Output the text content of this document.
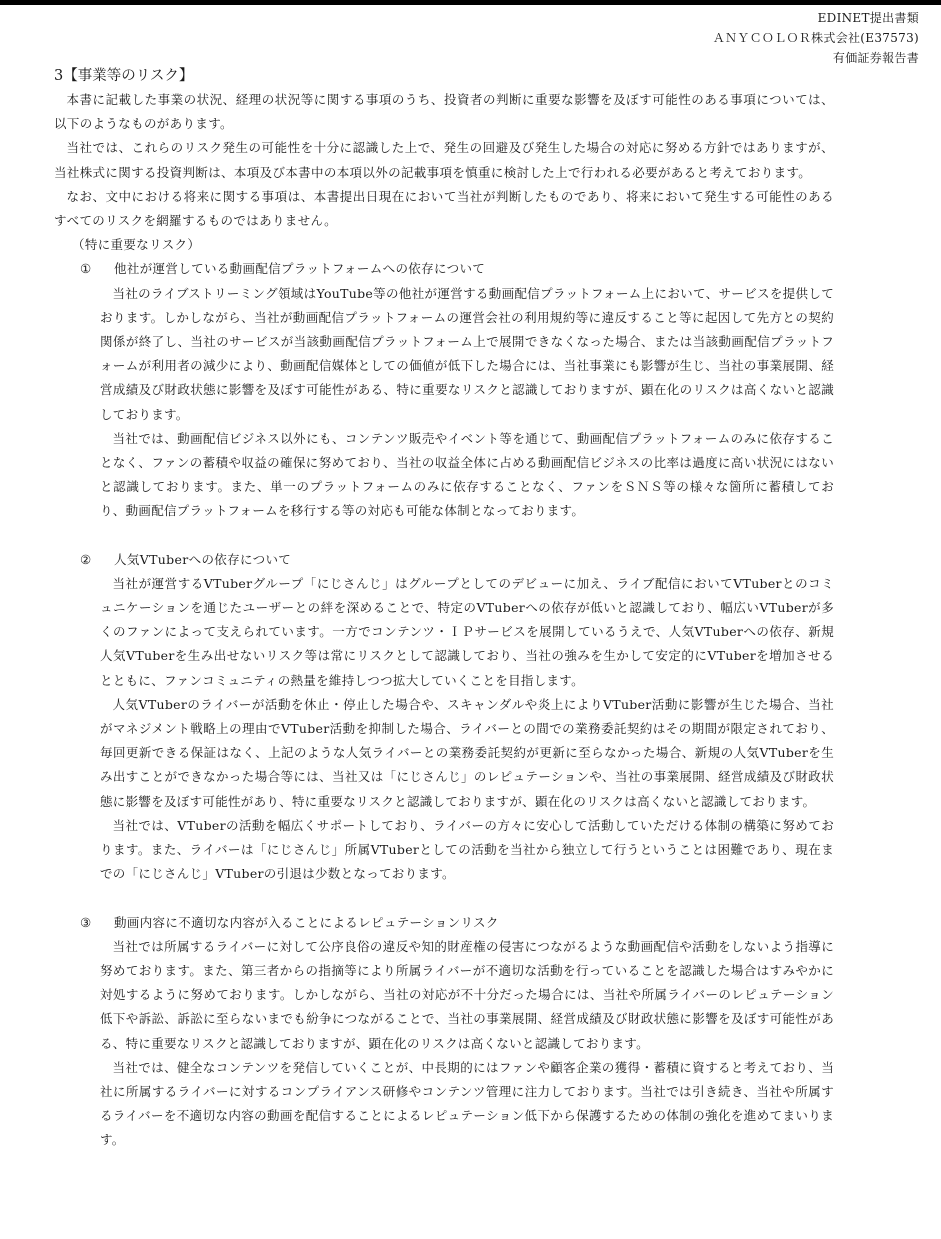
EDINET提出書類
ＡＮＹＣＯＬＯＲ株式会社(E37573)
有価証券報告書
3【事業等のリスク】

本書に記載した事業の状況、経理の状況等に関する事項のうち、投資者の判断に重要な影響を及ぼす可能性のある事項については、以下のようなものがあります。

当社では、これらのリスク発生の可能性を十分に認識した上で、発生の回避及び発生した場合の対応に努める方針ではありますが、当社株式に関する投資判断は、本項及び本書中の本項以外の記載事項を慎重に検討した上で行われる必要があると考えております。

なお、文中における将来に関する事項は、本書提出日現在において当社が判断したものであり、将来において発生する可能性のあるすべてのリスクを網羅するものではありません。

（特に重要なリスク）

① 他社が運営している動画配信プラットフォームへの依存について

当社のライブストリーミング領域はYouTube等の他社が運営する動画配信プラットフォーム上において、サービスを提供しております。しかしながら、当社が動画配信プラットフォームの運営会社の利用規約等に違反すること等に起因して先方との契約関係が終了し、当社のサービスが当該動画配信プラットフォーム上で展開できなくなった場合、または当該動画配信プラットフォームが利用者の減少により、動画配信媒体としての価値が低下した場合には、当社事業にも影響が生じ、当社の事業展開、経営成績及び財政状態に影響を及ぼす可能性がある、特に重要なリスクと認識しておりますが、顕在化のリスクは高くないと認識しております。

当社では、動画配信ビジネス以外にも、コンテンツ販売やイベント等を通じて、動画配信プラットフォームのみに依存することなく、ファンの蓄積や収益の確保に努めており、当社の収益全体に占める動画配信ビジネスの比率は過度に高い状況にはないと認識しております。また、単一のプラットフォームのみに依存することなく、ファンをＳＮＳ等の様々な箇所に蓄積しており、動画配信プラットフォームを移行する等の対応も可能な体制となっております。

② 人気VTuberへの依存について

当社が運営するVTuberグループ「にじさんじ」はグループとしてのデビューに加え、ライブ配信においてVTuberとのコミュニケーションを通じたユーザーとの絆を深めることで、特定のVTuberへの依存が低いと認識しており、幅広いVTuberが多くのファンによって支えられています。一方でコンテンツ・ＩＰサービスを展開しているうえで、人気VTuberへの依存、新規人気VTuberを生み出せないリスク等は常にリスクとして認識しており、当社の強みを生かして安定的にVTuberを増加させるとともに、ファンコミュニティの熱量を維持しつつ拡大していくことを目指します。

人気VTuberのライバーが活動を休止・停止した場合や、スキャンダルや炎上によりVTuber活動に影響が生じた場合、当社がマネジメント戦略上の理由でVTuber活動を抑制した場合、ライバーとの間での業務委託契約はその期間が限定されており、毎回更新できる保証はなく、上記のような人気ライバーとの業務委託契約が更新に至らなかった場合、新規の人気VTuberを生み出すことができなかった場合等には、当社又は「にじさんじ」のレピュテーションや、当社の事業展開、経営成績及び財政状態に影響を及ぼす可能性があり、特に重要なリスクと認識しておりますが、顕在化のリスクは高くないと認識しております。

当社では、VTuberの活動を幅広くサポートしており、ライバーの方々に安心して活動していただける体制の構築に努めております。また、ライバーは「にじさんじ」所属VTuberとしての活動を当社から独立して行うということは困難であり、現在までの「にじさんじ」VTuberの引退は少数となっております。

③ 動画内容に不適切な内容が入ることによるレピュテーションリスク

当社では所属するライバーに対して公序良俗の違反や知的財産権の侵害につながるような動画配信や活動をしないよう指導に努めております。また、第三者からの指摘等により所属ライバーが不適切な活動を行っていることを認識した場合はすみやかに対処するように努めております。しかしながら、当社の対応が不十分だった場合には、当社や所属ライバーのレピュテーション低下や訴訟、訴訟に至らないまでも紛争につながることで、当社の事業展開、経営成績及び財政状態に影響を及ぼす可能性がある、特に重要なリスクと認識しておりますが、顕在化のリスクは高くないと認識しております。

当社では、健全なコンテンツを発信していくことが、中長期的にはファンや顧客企業の獲得・蓄積に資すると考えており、当社に所属するライバーに対するコンプライアンス研修やコンテンツ管理に注力しております。当社では引き続き、当社や所属するライバーを不適切な内容の動画を配信することによるレピュテーション低下から保護するための体制の強化を進めてまいります。
